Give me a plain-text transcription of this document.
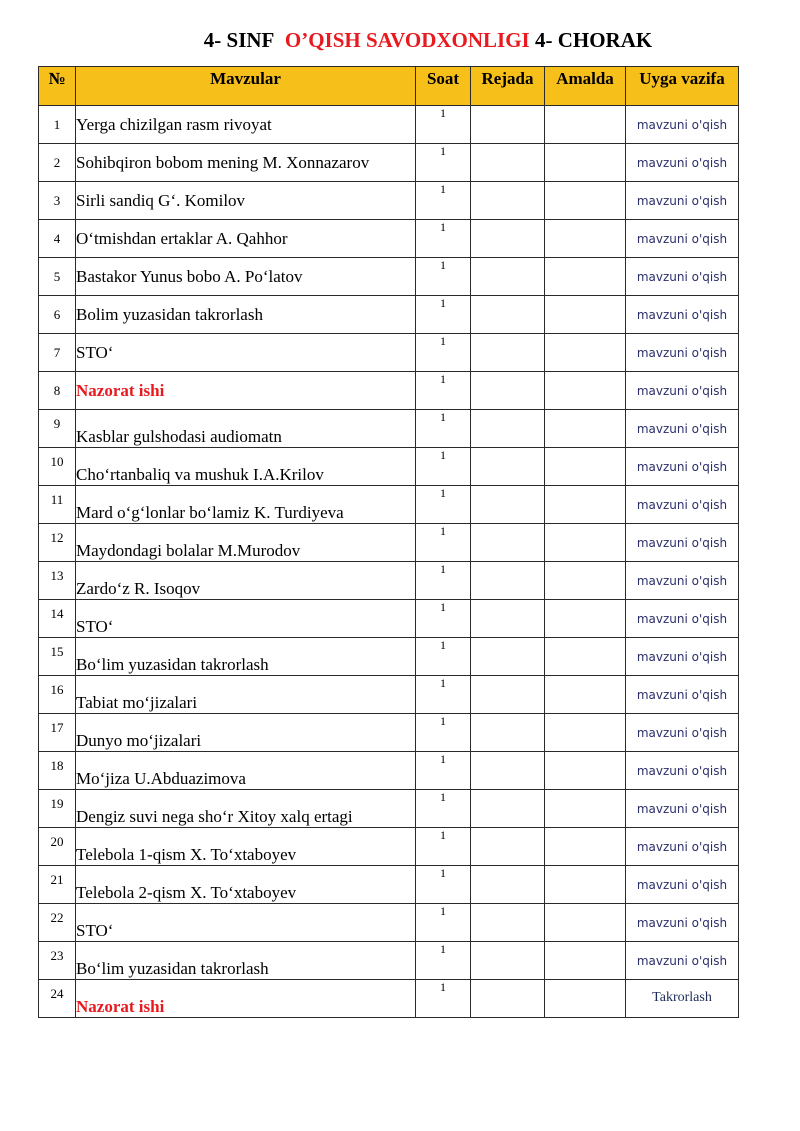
4- SINF O’QISH SAVODXONLIGI 4- CHORAK
№	Mavzular	Soat	Rejada	Amalda	Uyga vazifa
1	Yerga chizilgan rasm rivoyat	1			mavzuni o'qish
2	Sohibqiron bobom mening M. Xonnazarov	1			mavzuni o'qish
3	Sirli sandiq G‘. Komilov	1			mavzuni o'qish
4	O‘tmishdan ertaklar A. Qahhor	1			mavzuni o'qish
5	Bastakor Yunus bobo A. Po‘latov	1			mavzuni o'qish
6	Bolim yuzasidan takrorlash	1			mavzuni o'qish
7	STO‘	1			mavzuni o'qish
8	Nazorat ishi	1			mavzuni o'qish
9	Kasblar gulshodasi audiomatn	1			mavzuni o'qish
10	Cho‘rtanbaliq va mushuk I.A.Krilov	1			mavzuni o'qish
11	Mard o‘g‘lonlar bo‘lamiz K. Turdiyeva	1			mavzuni o'qish
12	Maydondagi bolalar M.Murodov	1			mavzuni o'qish
13	Zardo‘z R. Isoqov	1			mavzuni o'qish
14	STO‘	1			mavzuni o'qish
15	Bo‘lim yuzasidan takrorlash	1			mavzuni o'qish
16	Tabiat mo‘jizalari	1			mavzuni o'qish
17	Dunyo mo‘jizalari	1			mavzuni o'qish
18	Mo‘jiza U.Abduazimova	1			mavzuni o'qish
19	Dengiz suvi nega sho‘r Xitoy xalq ertagi	1			mavzuni o'qish
20	Telebola 1-qism X. To‘xtaboyev	1			mavzuni o'qish
21	Telebola 2-qism X. To‘xtaboyev	1			mavzuni o'qish
22	STO‘	1			mavzuni o'qish
23	Bo‘lim yuzasidan takrorlash	1			mavzuni o'qish
24	Nazorat ishi	1			Takrorlash
